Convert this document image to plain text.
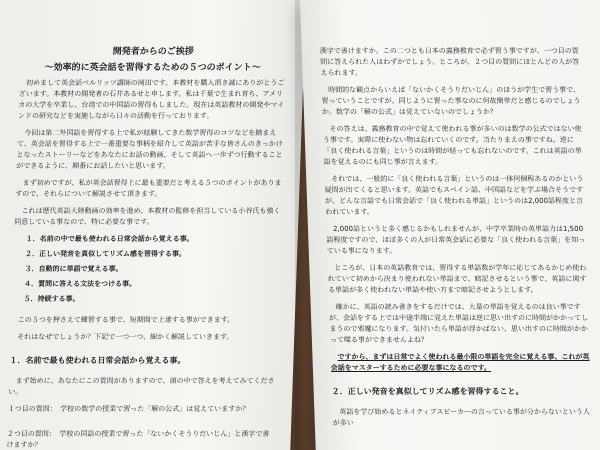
開発者からのご挨拶
〜効率的に英会話を習得するための５つのポイント〜

初めまして英会話ベルリッツ講師の岡田です。本教材を購入頂き誠にありがとうございます。本教材の開発者の石井あるせと申します。私は千葉で生まれ育ち、アメリカの大学を卒業し、台湾での中国語の習得もしました。現在は英語教材の開発やマインドの研究などを実施しながら日々の活動を行っております。

今回は第二外国語を習得する上で私が経験してきた数学習得のコツなどを踏まえて、英会話を習得する上で一番重要な事柄を紹介して英語が苦手な皆さんのきっかけとなったストーリーなどをあなたにお話の動画、そして英語へ一歩ずつ行動することができるように、順番にお話したいと思います。

まず初めですが、私が英会話習得上に最も重要だと考える５つのポイントがありますので、それらについて解説させて頂きます。

これは歴代英語大陸動画の効率を進め、本教材の監修を担当している小谷氏も強く同意している事なので、特に必要な事です。

１．名前の中で最も使われる日常会話から覚える事。
２．正しい発音を真似してリズム感を習得する事。
３．自動的に単語で覚える事。
４．質問に答える文法をつける事。
５．持続する事。

この５つを押さえて練習する事で、短期間で上達する事ができます。

それはなぜでしょうか？下記で一つ一つ、細かく解説していきます。

１．名前で最も使われる日常会話から覚える事。

まず始めに、あなたにこの質問がありますので、頭の中で答えを考えてみてください。

１つ目の質問：　学校の数学の授業で習った「解の公式」は覚えていますか？

２つ目の質問：　学校の国語の授業で習った「ないかくそうりだいじん」と漢字で書けますか？

漢字で書けますか。この二つとも日本の義務教育で必ず習う事ですが、一つ目の質問に答えられた人はわずかでしょう。ところが、２つ目の質問にほとんどの人が答えられます。

時間的な観点からいえば「ないかくそうりだいじん」のほうが学生で習う事で、習っていうことですが、同じように習った事なのに何故簡単だと感じるのでしょうか。数学の「解の公式」は覚えていないのでしょうか？

その答えは、義務教育の中で覚えて使われる事が多いのは数学の公式ではない使う事です。実際に使わない物は忘れていくのです。当たりまえの事ですね。逆に「良く使われる言葉」というのは時間が経っても忘れないのです。これは英語の単語を覚えるのにも同じ事が言えます。

それでは、一般的に「良く使われる言葉」というのは一体何個程あるのかという疑問が出てくると思います。英語でもスペイン語、中国語などを学ぶ場合そうですが、どんな言語でも日常会話で「良く使われる単語」というのは2,000語程度と言われています。

2,000語というと多く感じるかもしれませんが、中学卒業時の英単語力は1,500語程度ですので、ほぼ多くの人が日常英会話に必要な「良く使われる言葉」を知っている事になります。

ところが、日本の英語教育では、習得する単語数が学年に応じてあるかじめ使われていて初めから決まり使われない単語まで、暗記させるという事で、英語に関する単語が多く使われない単語や使い方まで暗記させようとします。

確かに、英語の読み書きをするだけでは、大量の単語を覚えるのは良い事ですが、会話をする上では中途半端に覚えた単語は逆に思い出すのに時間がかかってしまうので邪魔になります。気付いたら単語が浮かばない、思い出すのに時間がかかって喋る事ができませんよね？

ですから、まずは日常でよく使われる最小限の単語を完全に覚える事、これが英会話をマスターするために必要な事になるのです。

２．正しい発音を真似してリズム感を習得すること。

英語を学び始めるとネイティブスピーカーの言っている事が分からないという人が多い
